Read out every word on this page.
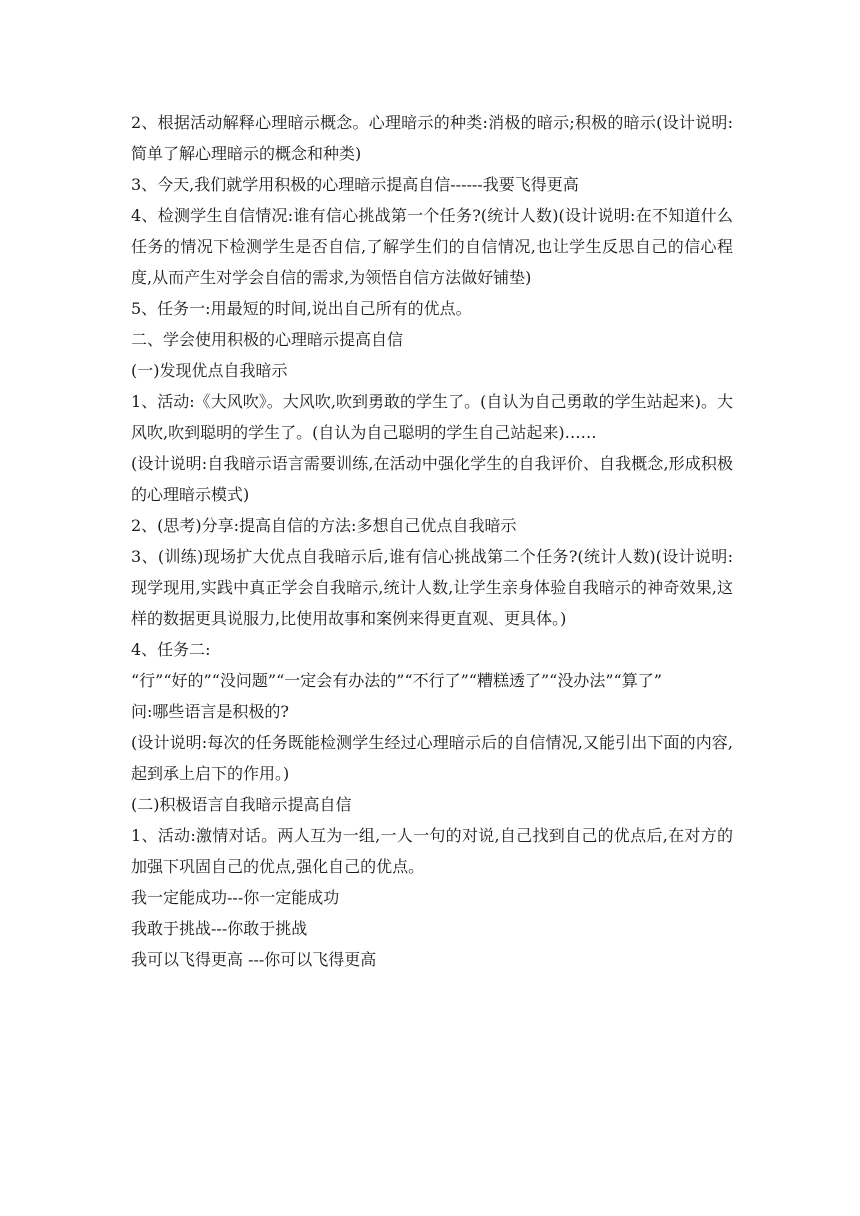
2、根据活动解释心理暗示概念。心理暗示的种类:消极的暗示;积极的暗示(设计说明:简单了解心理暗示的概念和种类)

3、今天,我们就学用积极的心理暗示提高自信------我要飞得更高

4、检测学生自信情况:谁有信心挑战第一个任务?(统计人数)(设计说明:在不知道什么任务的情况下检测学生是否自信,了解学生们的自信情况,也让学生反思自己的信心程度,从而产生对学会自信的需求,为领悟自信方法做好铺垫)

5、任务一:用最短的时间,说出自己所有的优点。

二、学会使用积极的心理暗示提高自信

(一)发现优点自我暗示

1、活动:《大风吹》。大风吹,吹到勇敢的学生了。(自认为自己勇敢的学生站起来)。大风吹,吹到聪明的学生了。(自认为自己聪明的学生自己站起来)……

(设计说明:自我暗示语言需要训练,在活动中强化学生的自我评价、自我概念,形成积极的心理暗示模式)

2、(思考)分享:提高自信的方法:多想自己优点自我暗示

3、(训练)现场扩大优点自我暗示后,谁有信心挑战第二个任务?(统计人数)(设计说明:现学现用,实践中真正学会自我暗示,统计人数,让学生亲身体验自我暗示的神奇效果,这样的数据更具说服力,比使用故事和案例来得更直观、更具体。)

4、任务二:

“行”“好的”“没问题”“一定会有办法的”“不行了”“糟糕透了”“没办法”“算了”

问:哪些语言是积极的?

(设计说明:每次的任务既能检测学生经过心理暗示后的自信情况,又能引出下面的内容,起到承上启下的作用。)

(二)积极语言自我暗示提高自信

1、活动:激情对话。两人互为一组,一人一句的对说,自己找到自己的优点后,在对方的加强下巩固自己的优点,强化自己的优点。

我一定能成功---你一定能成功

我敢于挑战---你敢于挑战

我可以飞得更高 ---你可以飞得更高
